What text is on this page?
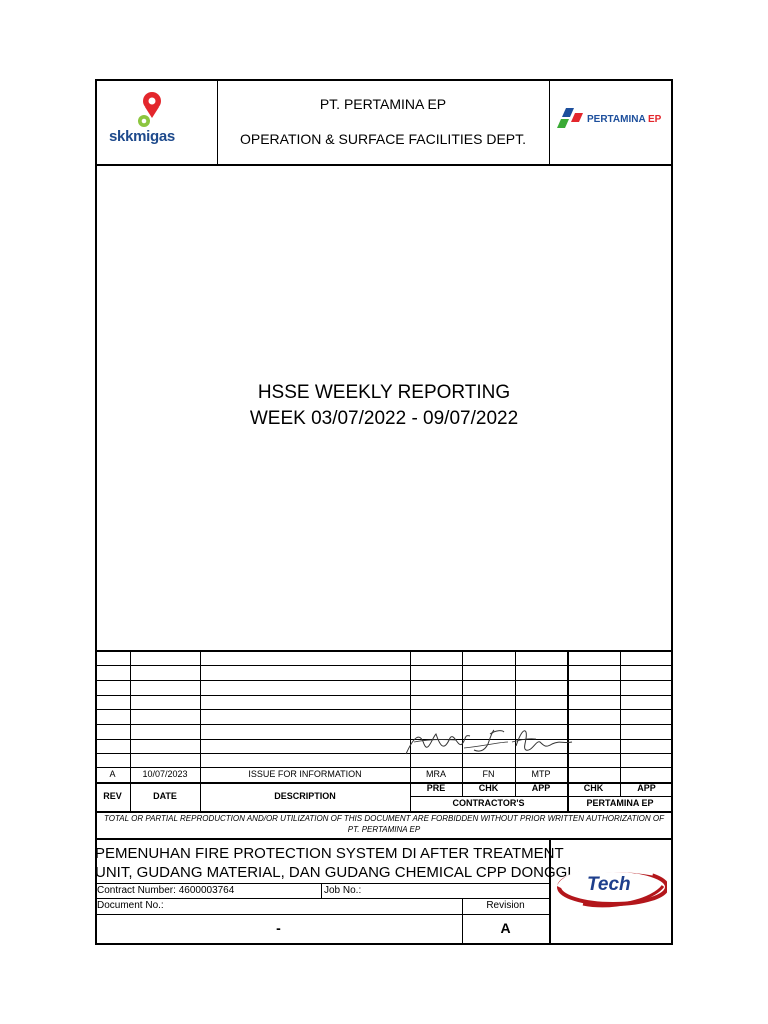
skkmigas
PT. PERTAMINA EP
OPERATION & SURFACE FACILITIES DEPT.
PERTAMINA EP
HSSE WEEKLY REPORTING
WEEK 03/07/2022 - 09/07/2022
A	10/07/2023	ISSUE FOR INFORMATION	MRA	FN	MTP
REV	DATE	DESCRIPTION
PRE	CHK	APP	CHK	APP
CONTRACTOR'S	PERTAMINA EP
TOTAL OR PARTIAL REPRODUCTION AND/OR UTILIZATION OF THIS DOCUMENT ARE FORBIDDEN WITHOUT PRIOR WRITTEN AUTHORIZATION OF
PT. PERTAMINA EP
PEMENUHAN FIRE PROTECTION SYSTEM DI AFTER TREATMENT
UNIT, GUDANG MATERIAL, DAN GUDANG CHEMICAL CPP DONGGI
Contract Number: 4600003764	Job No.:
Document No.:	Revision
-	A
Tech
